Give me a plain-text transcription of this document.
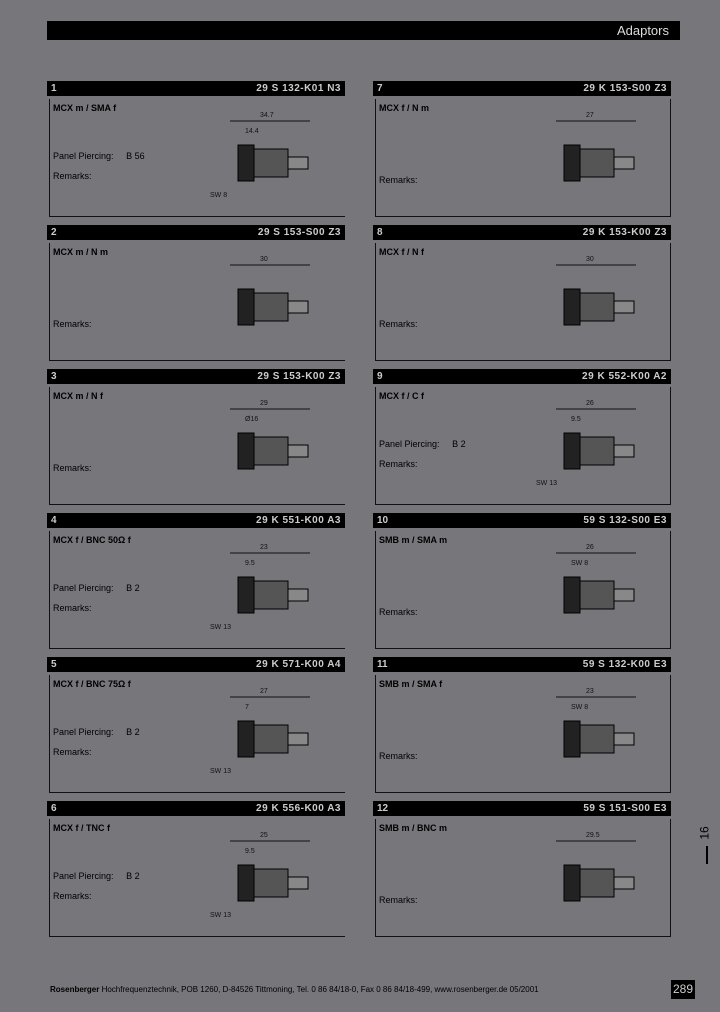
Adaptors
1	29 S 132-K01 N3
MCX m / SMA f
Panel Piercing: B 56
Remarks:
34.7
14.4
SW 8
2	29 S 153-S00 Z3
MCX m / N m
Remarks:
30
3	29 S 153-K00 Z3
MCX m / N f
Remarks:
29
Ø16
4	29 K 551-K00 A3
MCX f / BNC 50Ω f
Panel Piercing: B 2
Remarks:
23
9.5
SW 13
5	29 K 571-K00 A4
MCX f / BNC 75Ω f
Panel Piercing: B 2
Remarks:
27
7
SW 13
6	29 K 556-K00 A3
MCX f / TNC f
Panel Piercing: B 2
Remarks:
25
9.5
SW 13
7	29 K 153-S00 Z3
MCX f / N m
Remarks:
27
8	29 K 153-K00 Z3
MCX f / N f
Remarks:
30
9	29 K 552-K00 A2
MCX f / C f
Panel Piercing: B 2
Remarks:
26
9.5
SW 13
10	59 S 132-S00 E3
SMB m / SMA m
Remarks:
26
SW 8
11	59 S 132-K00 E3
SMB m / SMA f
Remarks:
23
SW 8
12	59 S 151-S00 E3
SMB m / BNC m
Remarks:
29.5
Rosenberger Hochfrequenztechnik, POB 1260, D-84526 Tittmoning, Tel. 0 86 84/18-0, Fax 0 86 84/18-499, www.rosenberger.de 05/2001	289
16
